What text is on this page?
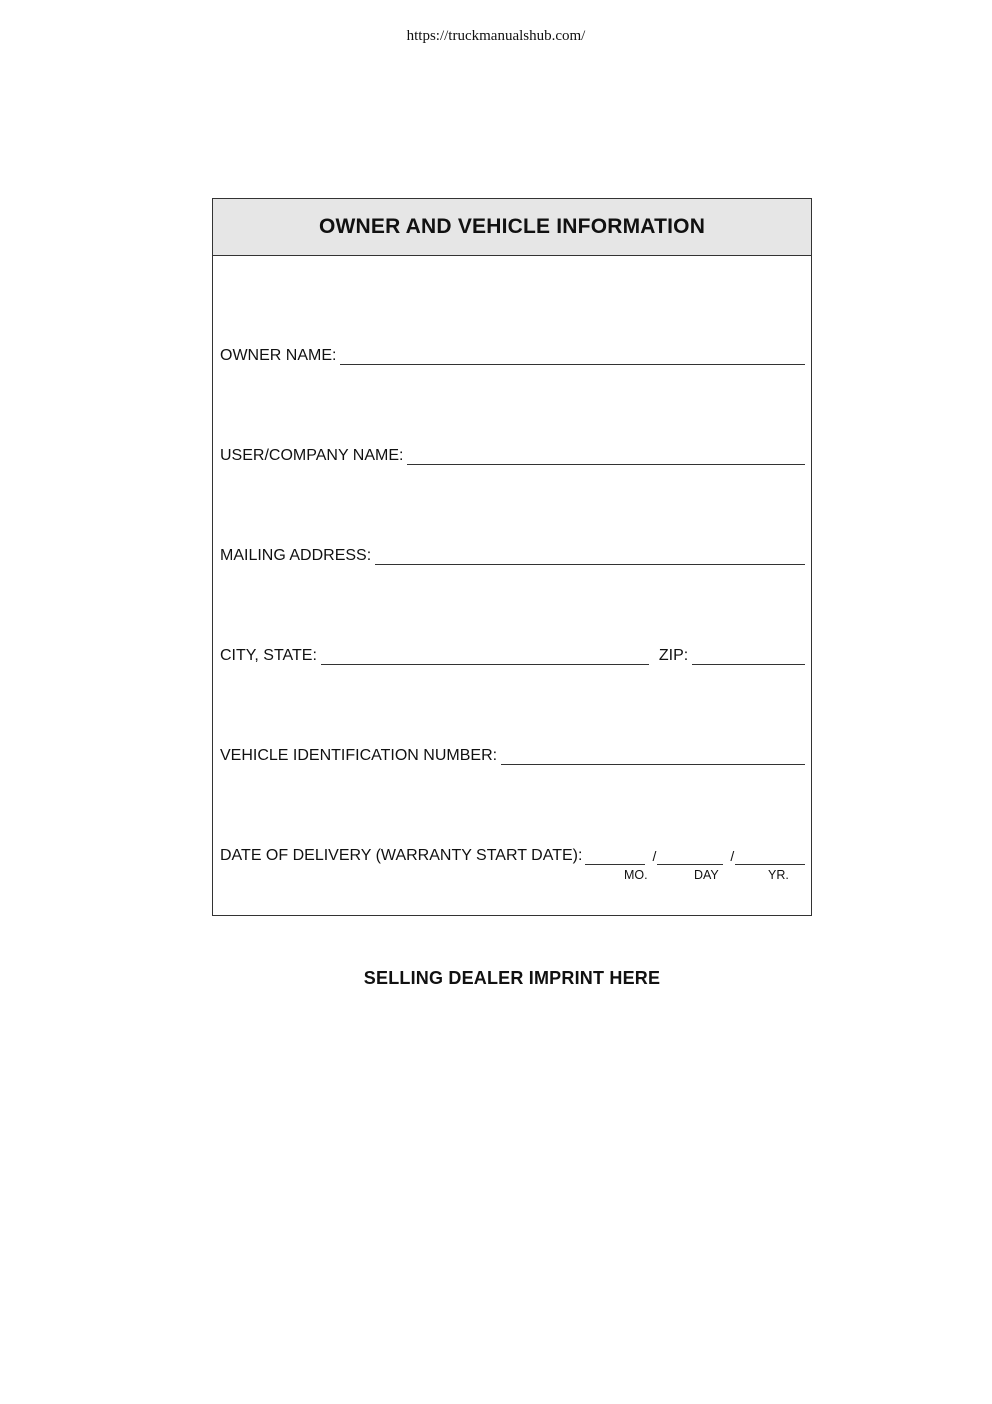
https://truckmanualshub.com/
OWNER AND VEHICLE INFORMATION
OWNER NAME:
USER/COMPANY NAME:
MAILING ADDRESS:
CITY, STATE:	ZIP:
VEHICLE IDENTIFICATION NUMBER:
DATE OF DELIVERY (WARRANTY START DATE):	/	/
MO.	DAY	YR.
SELLING DEALER IMPRINT HERE
